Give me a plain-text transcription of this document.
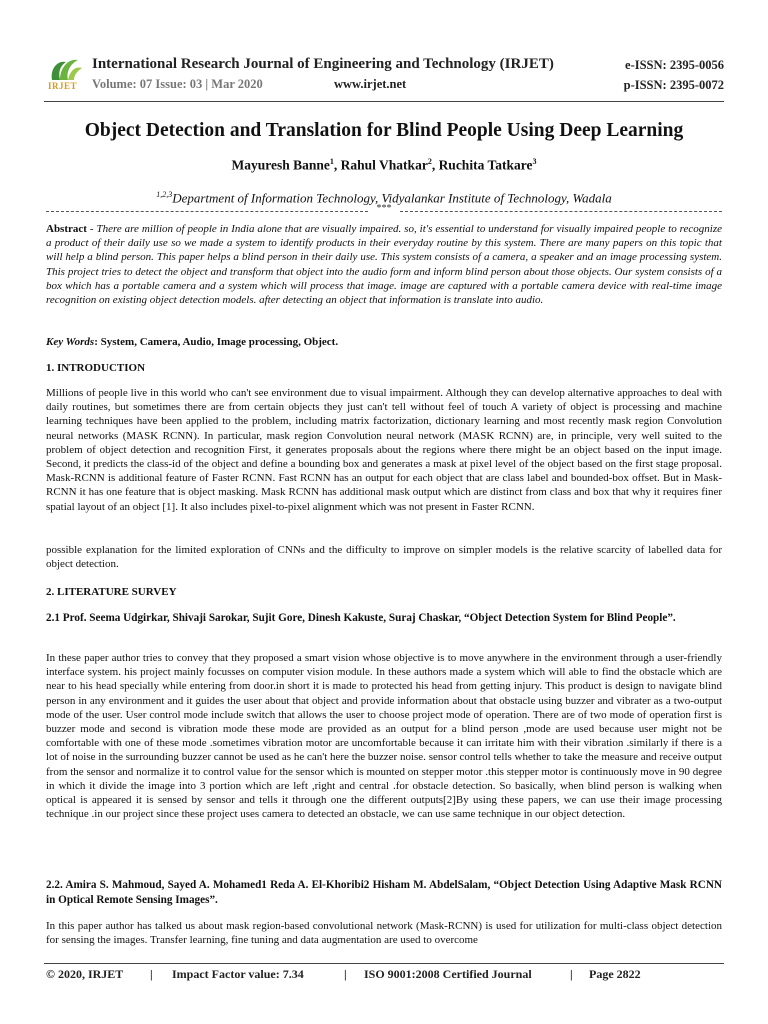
IRJET
International Research Journal of Engineering and Technology (IRJET)
Volume: 07 Issue: 03 | Mar 2020	www.irjet.net
e-ISSN: 2395-0056
p-ISSN: 2395-0072
Object Detection and Translation for Blind People Using Deep Learning
Mayuresh Banne$^1$, Rahul Vhatkar$^2$, Ruchita Tatkare$^3$
$^{1,2,3}$Department of Information Technology, Vidyalankar Institute of Technology, Wadala
***
Abstract - There are million of people in India alone that are visually impaired. so, it's essential to understand for visually impaired people to recognize a product of their daily use so we made a system to identify products in their everyday routine by this system. There are many papers on this topic that will help a blind person. This paper helps a blind person in their daily use. This system consists of a camera, a speaker and an image processing system. This project tries to detect the object and transform that object into the audio form and inform blind person about those objects. Our system consists of a box which has a portable camera and a system which will process that image. image are captured with a portable camera device with real-time image recognition on existing object detection models. after detecting an object that information is translate into audio.
Key Words: System, Camera, Audio, Image processing, Object.
1. INTRODUCTION
Millions of people live in this world who can't see environment due to visual impairment. Although they can develop alternative approaches to deal with daily routines, but sometimes there are from certain objects they just can't tell without feel of touch A variety of object is processing and machine learning techniques have been applied to the problem, including matrix factorization, dictionary learning and most recently mask region Convolution neural networks (MASK RCNN). In particular, mask region Convolution neural network (MASK RCNN) are, in principle, very well suited to the problem of object detection and recognition First, it generates proposals about the regions where there might be an object based on the input image. Second, it predicts the class-id of the object and define a bounding box and generates a mask at pixel level of the object based on the first stage proposal. Mask-RCNN is additional feature of Faster RCNN. Fast RCNN has an output for each object that are class label and bounded-box offset. But in Mask-RCNN it has one feature that is object masking. Mask RCNN has additional mask output which are distinct from class and box that why it requires finer spatial layout of an object [1]. It also includes pixel-to-pixel alignment which was not present in Faster RCNN.
possible explanation for the limited exploration of CNNs and the difficulty to improve on simpler models is the relative scarcity of labelled data for object detection.
2. LITERATURE SURVEY
2.1 Prof. Seema Udgirkar, Shivaji Sarokar, Sujit Gore, Dinesh Kakuste, Suraj Chaskar, “Object Detection System for Blind People”.
In these paper author tries to convey that they proposed a smart vision whose objective is to move anywhere in the environment through a user-friendly interface system. his project mainly focusses on computer vision module. In these authors made a system which will able to find the obstacle which are near to his head specially while entering from door.in short it is made to protected his head from getting injury. This product is design to navigate blind person in any environment and it guides the user about that object and provide information about that obstacle using buzzer and vibrater as a two-output mode of the user. User control mode include switch that allows the user to choose project mode of operation. There are of two mode of operation first is buzzer mode and second is vibration mode these mode are provided as an output for a blind person ,mode are used because user might not be comfortable with one of these mode .sometimes vibration motor are uncomfortable because it can irritate him with their vibration .similarly if there is a lot of noise in the surrounding buzzer cannot be used as he can't here the buzzer noise. sensor control tells whether to take the measure and receive output from the sensor and normalize it to control value for the sensor which is mounted on stepper motor .this stepper motor is continuously move in 90 degree in which it divide the image into 3 portion which are left ,right and central .for obstacle detection. So basically, when blind person is walking when optical is appeared it is sensed by sensor and tells it through one the different outputs[2]By using these papers, we can use their image processing technique .in our project since these project uses camera to detected an obstacle, we can use same technique in our object detection.
2.2. Amira S. Mahmoud, Sayed A. Mohamed1 Reda A. El-Khoribi2 Hisham M. AbdelSalam, “Object Detection Using Adaptive Mask RCNN in Optical Remote Sensing Images”.
In this paper author has talked us about mask region-based convolutional network (Mask-RCNN) is used for utilization for multi-class object detection for sensing the images. Transfer learning, fine tuning and data augmentation are used to overcome
© 2020, IRJET | Impact Factor value: 7.34	| ISO 9001:2008 Certified Journal	| Page 2822
